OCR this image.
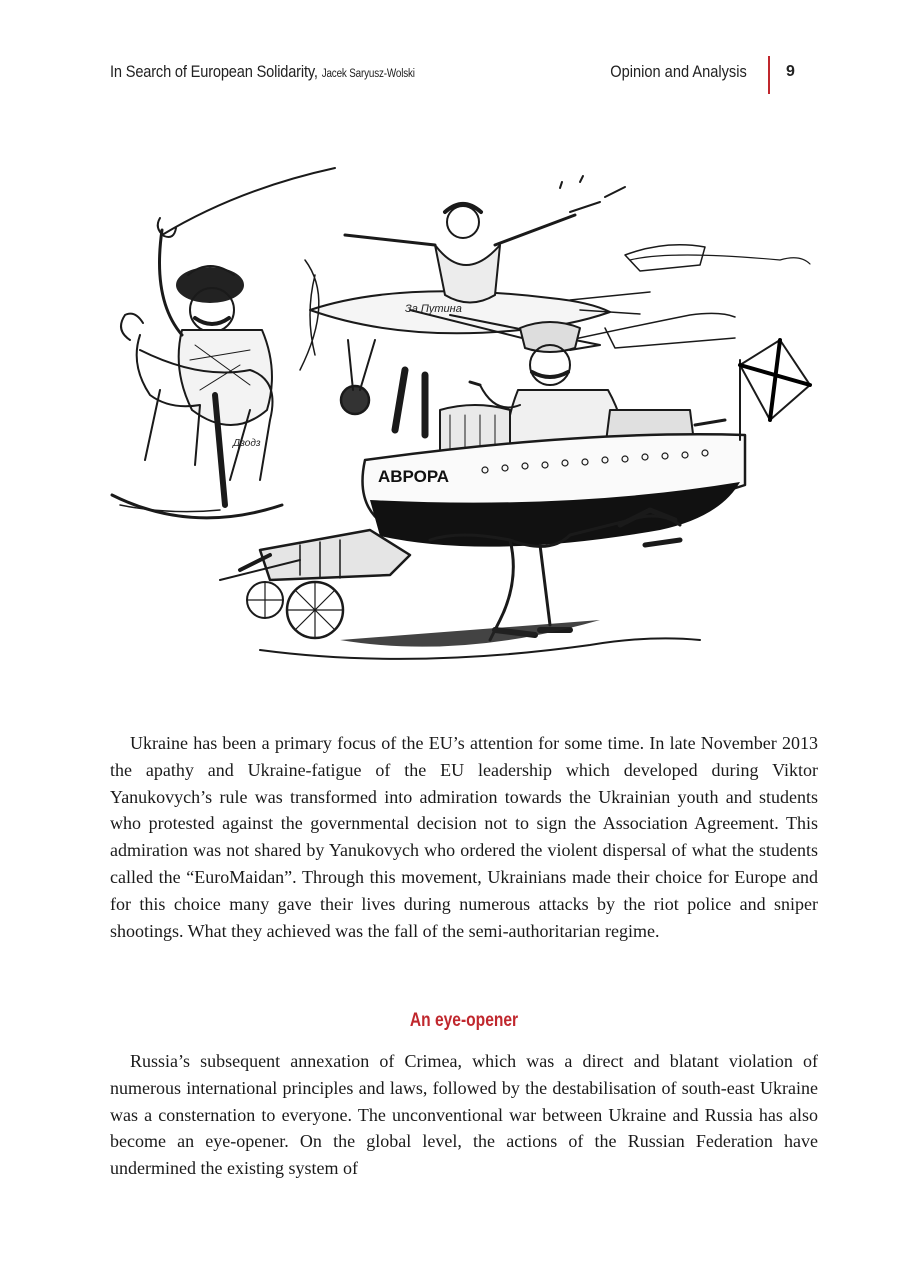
In Search of European Solidarity, Jacek Saryusz-Wolski	Opinion and Analysis 9
Дзодз
За Путина
АВРОРА

Ukraine has been a primary focus of the EU’s attention for some time. In late November 2013 the apathy and Ukraine-fatigue of the EU leadership which developed during Viktor Yanukovych’s rule was transformed into admiration towards the Ukrainian youth and students who protested against the governmental decision not to sign the Association Agreement. This admiration was not shared by Yanukovych who ordered the violent dispersal of what the students called the “EuroMaidan”. Through this movement, Ukrainians made their choice for Europe and for this choice many gave their lives during numerous attacks by the riot police and sniper shootings. What they achieved was the fall of the semi-authoritarian regime.

An eye-opener

Russia’s subsequent annexation of Crimea, which was a direct and blatant violation of numerous international principles and laws, followed by the destabilisation of south-east Ukraine was a consternation to everyone. The unconventional war between Ukraine and Russia has also become an eye-opener. On the global level, the actions of the Russian Federation have undermined the existing system of
